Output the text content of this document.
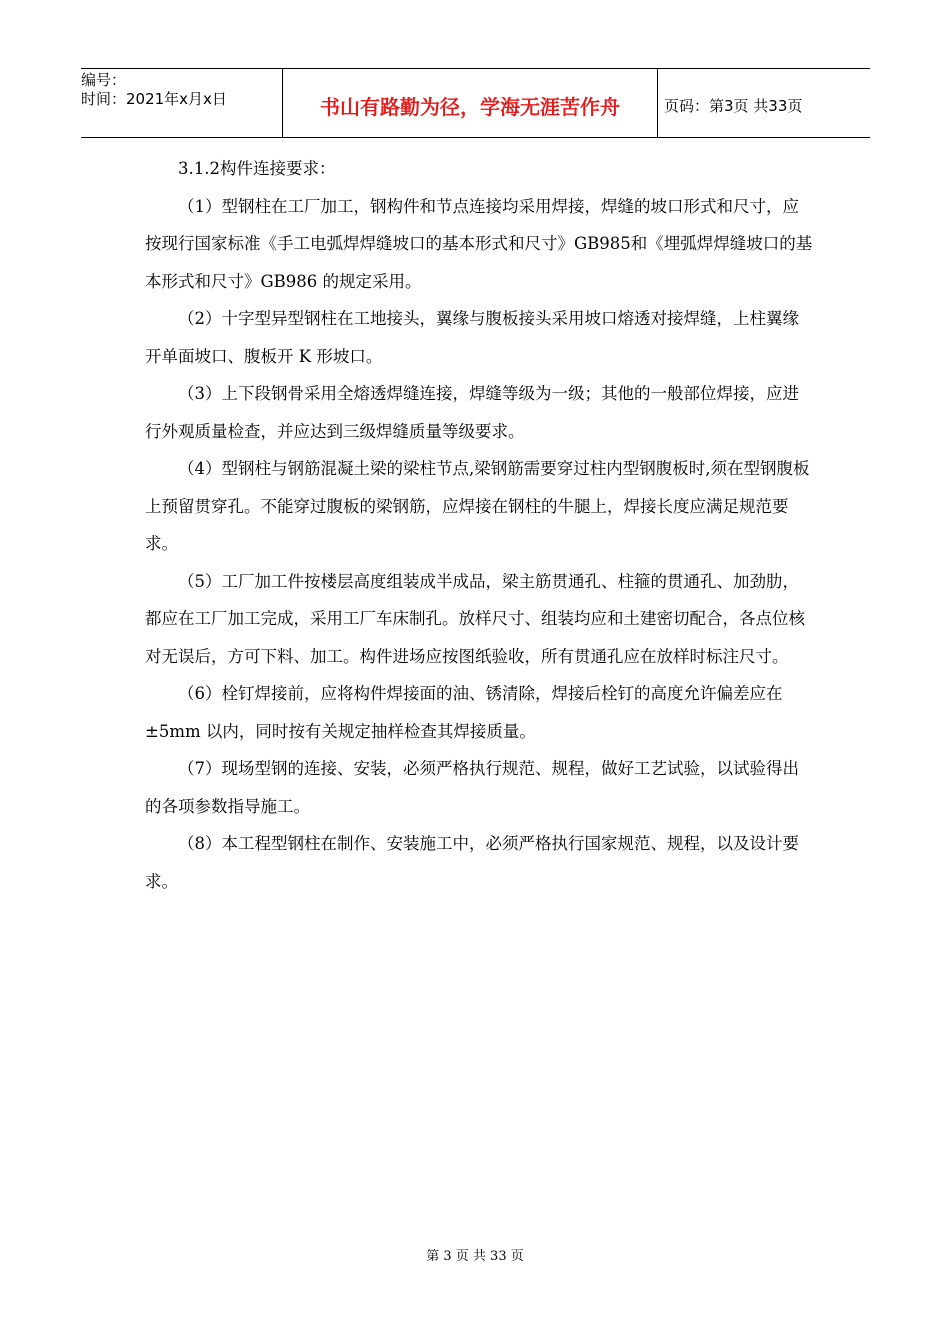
编号：
时间：2021年x月x日	书山有路勤为径，学海无涯苦作舟	页码：第3页 共33页

3.1.2构件连接要求：

（1）型钢柱在工厂加工，钢构件和节点连接均采用焊接，焊缝的坡口形式和尺寸，应按现行国家标准《手工电弧焊焊缝坡口的基本形式和尺寸》GB985和《埋弧焊焊缝坡口的基本形式和尺寸》GB986 的规定采用。

（2）十字型异型钢柱在工地接头，翼缘与腹板接头采用坡口熔透对接焊缝，上柱翼缘开单面坡口、腹板开 K 形坡口。

（3）上下段钢骨采用全熔透焊缝连接，焊缝等级为一级；其他的一般部位焊接，应进行外观质量检查，并应达到三级焊缝质量等级要求。

（4）型钢柱与钢筋混凝土梁的梁柱节点,梁钢筋需要穿过柱内型钢腹板时,须在型钢腹板上预留贯穿孔。不能穿过腹板的梁钢筋，应焊接在钢柱的牛腿上，焊接长度应满足规范要求。

（5）工厂加工件按楼层高度组装成半成品，梁主筋贯通孔、柱箍的贯通孔、加劲肋，都应在工厂加工完成，采用工厂车床制孔。放样尺寸、组装均应和土建密切配合，各点位核对无误后，方可下料、加工。构件进场应按图纸验收，所有贯通孔应在放样时标注尺寸。

（6）栓钉焊接前，应将构件焊接面的油、锈清除，焊接后栓钉的高度允许偏差应在 ±5mm 以内，同时按有关规定抽样检查其焊接质量。

（7）现场型钢的连接、安装，必须严格执行规范、规程，做好工艺试验，以试验得出的各项参数指导施工。

（8）本工程型钢柱在制作、安装施工中，必须严格执行国家规范、规程，以及设计要求。

第 3 页 共 33 页
